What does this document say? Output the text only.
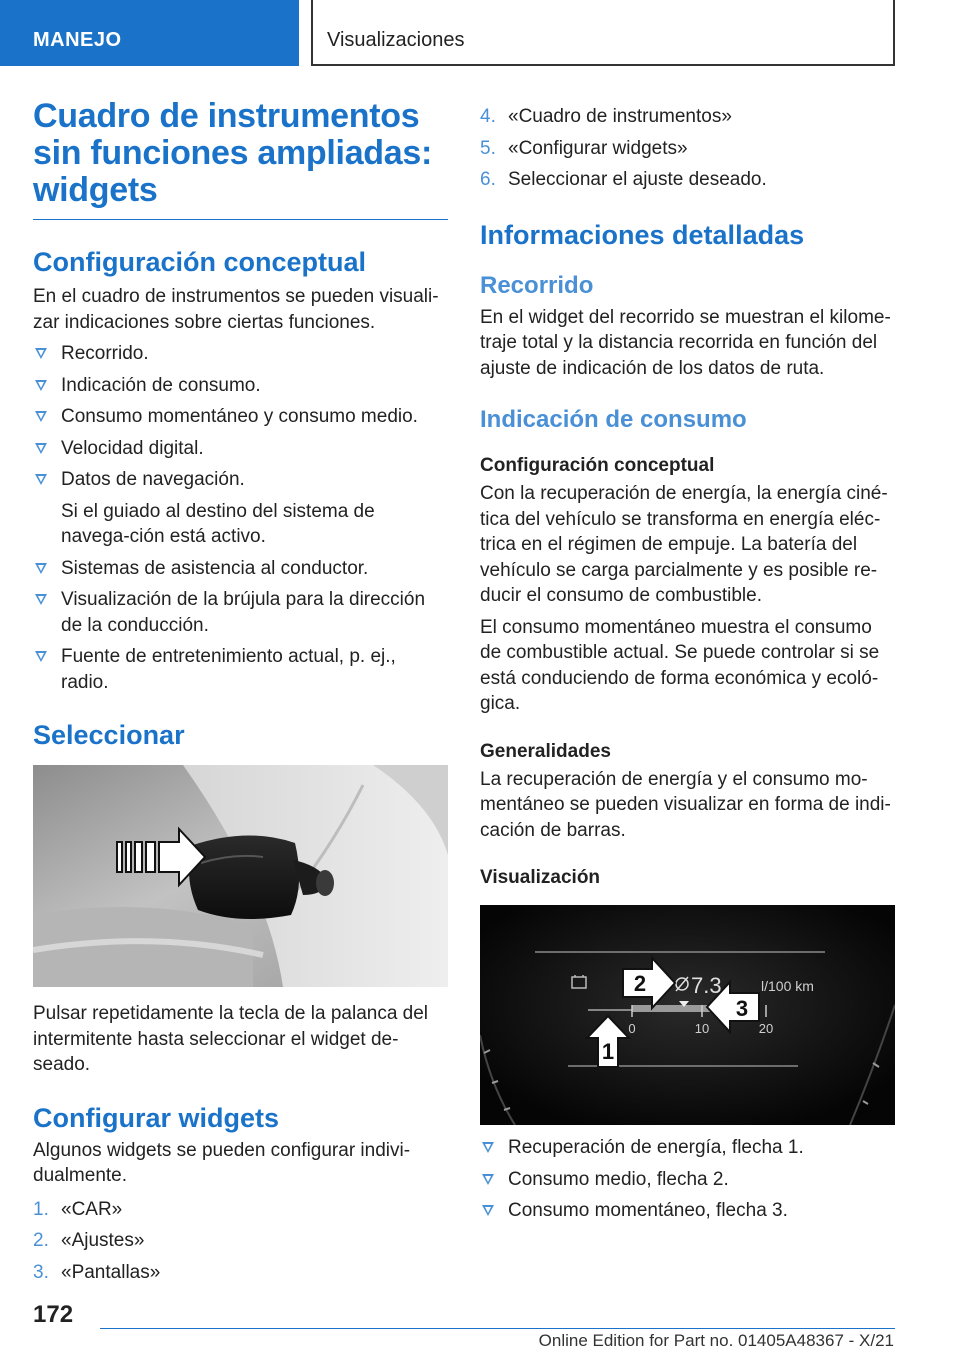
MANEJO	Visualizaciones
Cuadro de instrumentos sin funciones ampliadas: widgets
Configuración conceptual

En el cuadro de instrumentos se pueden visuali‐zar indicaciones sobre ciertas funciones.

Recorrido.
Indicación de consumo.
Consumo momentáneo y consumo medio.
Velocidad digital.
Datos de navegación.
Si el guiado al destino del sistema de navega‐ción está activo.
Sistemas de asistencia al conductor.
Visualización de la brújula para la dirección de la conducción.
Fuente de entretenimiento actual, p. ej., radio.
Seleccionar

Pulsar repetidamente la tecla de la palanca del intermitente hasta seleccionar el widget de‐seado.

Configurar widgets

Algunos widgets se pueden configurar indivi‐dualmente.

1. «CAR»
2. «Ajustes»
3. «Pantallas»
4. «Cuadro de instrumentos»
5. «Configurar widgets»
6. Seleccionar el ajuste deseado.
Informaciones detalladas
Recorrido

En el widget del recorrido se muestran el kilome‐traje total y la distancia recorrida en función del ajuste de indicación de los datos de ruta.

Indicación de consumo
Configuración conceptual

Con la recuperación de energía, la energía ciné‐tica del vehículo se transforma en energía eléc‐trica en el régimen de empuje. La batería del vehículo se carga parcialmente y es posible re‐ducir el consumo de combustible.

El consumo momentáneo muestra el consumo de combustible actual. Se puede controlar si se está conduciendo de forma económica y ecoló‐gica.

Generalidades

La recuperación de energía y el consumo mo‐mentáneo se pueden visualizar en forma de indi‐cación de barras.

Visualización
7.3	l/100 km
0	10	20
1
2
3
Recuperación de energía, flecha 1.
Consumo medio, flecha 2.
Consumo momentáneo, flecha 3.
172
Online Edition for Part no. 01405A48367 - X/21
